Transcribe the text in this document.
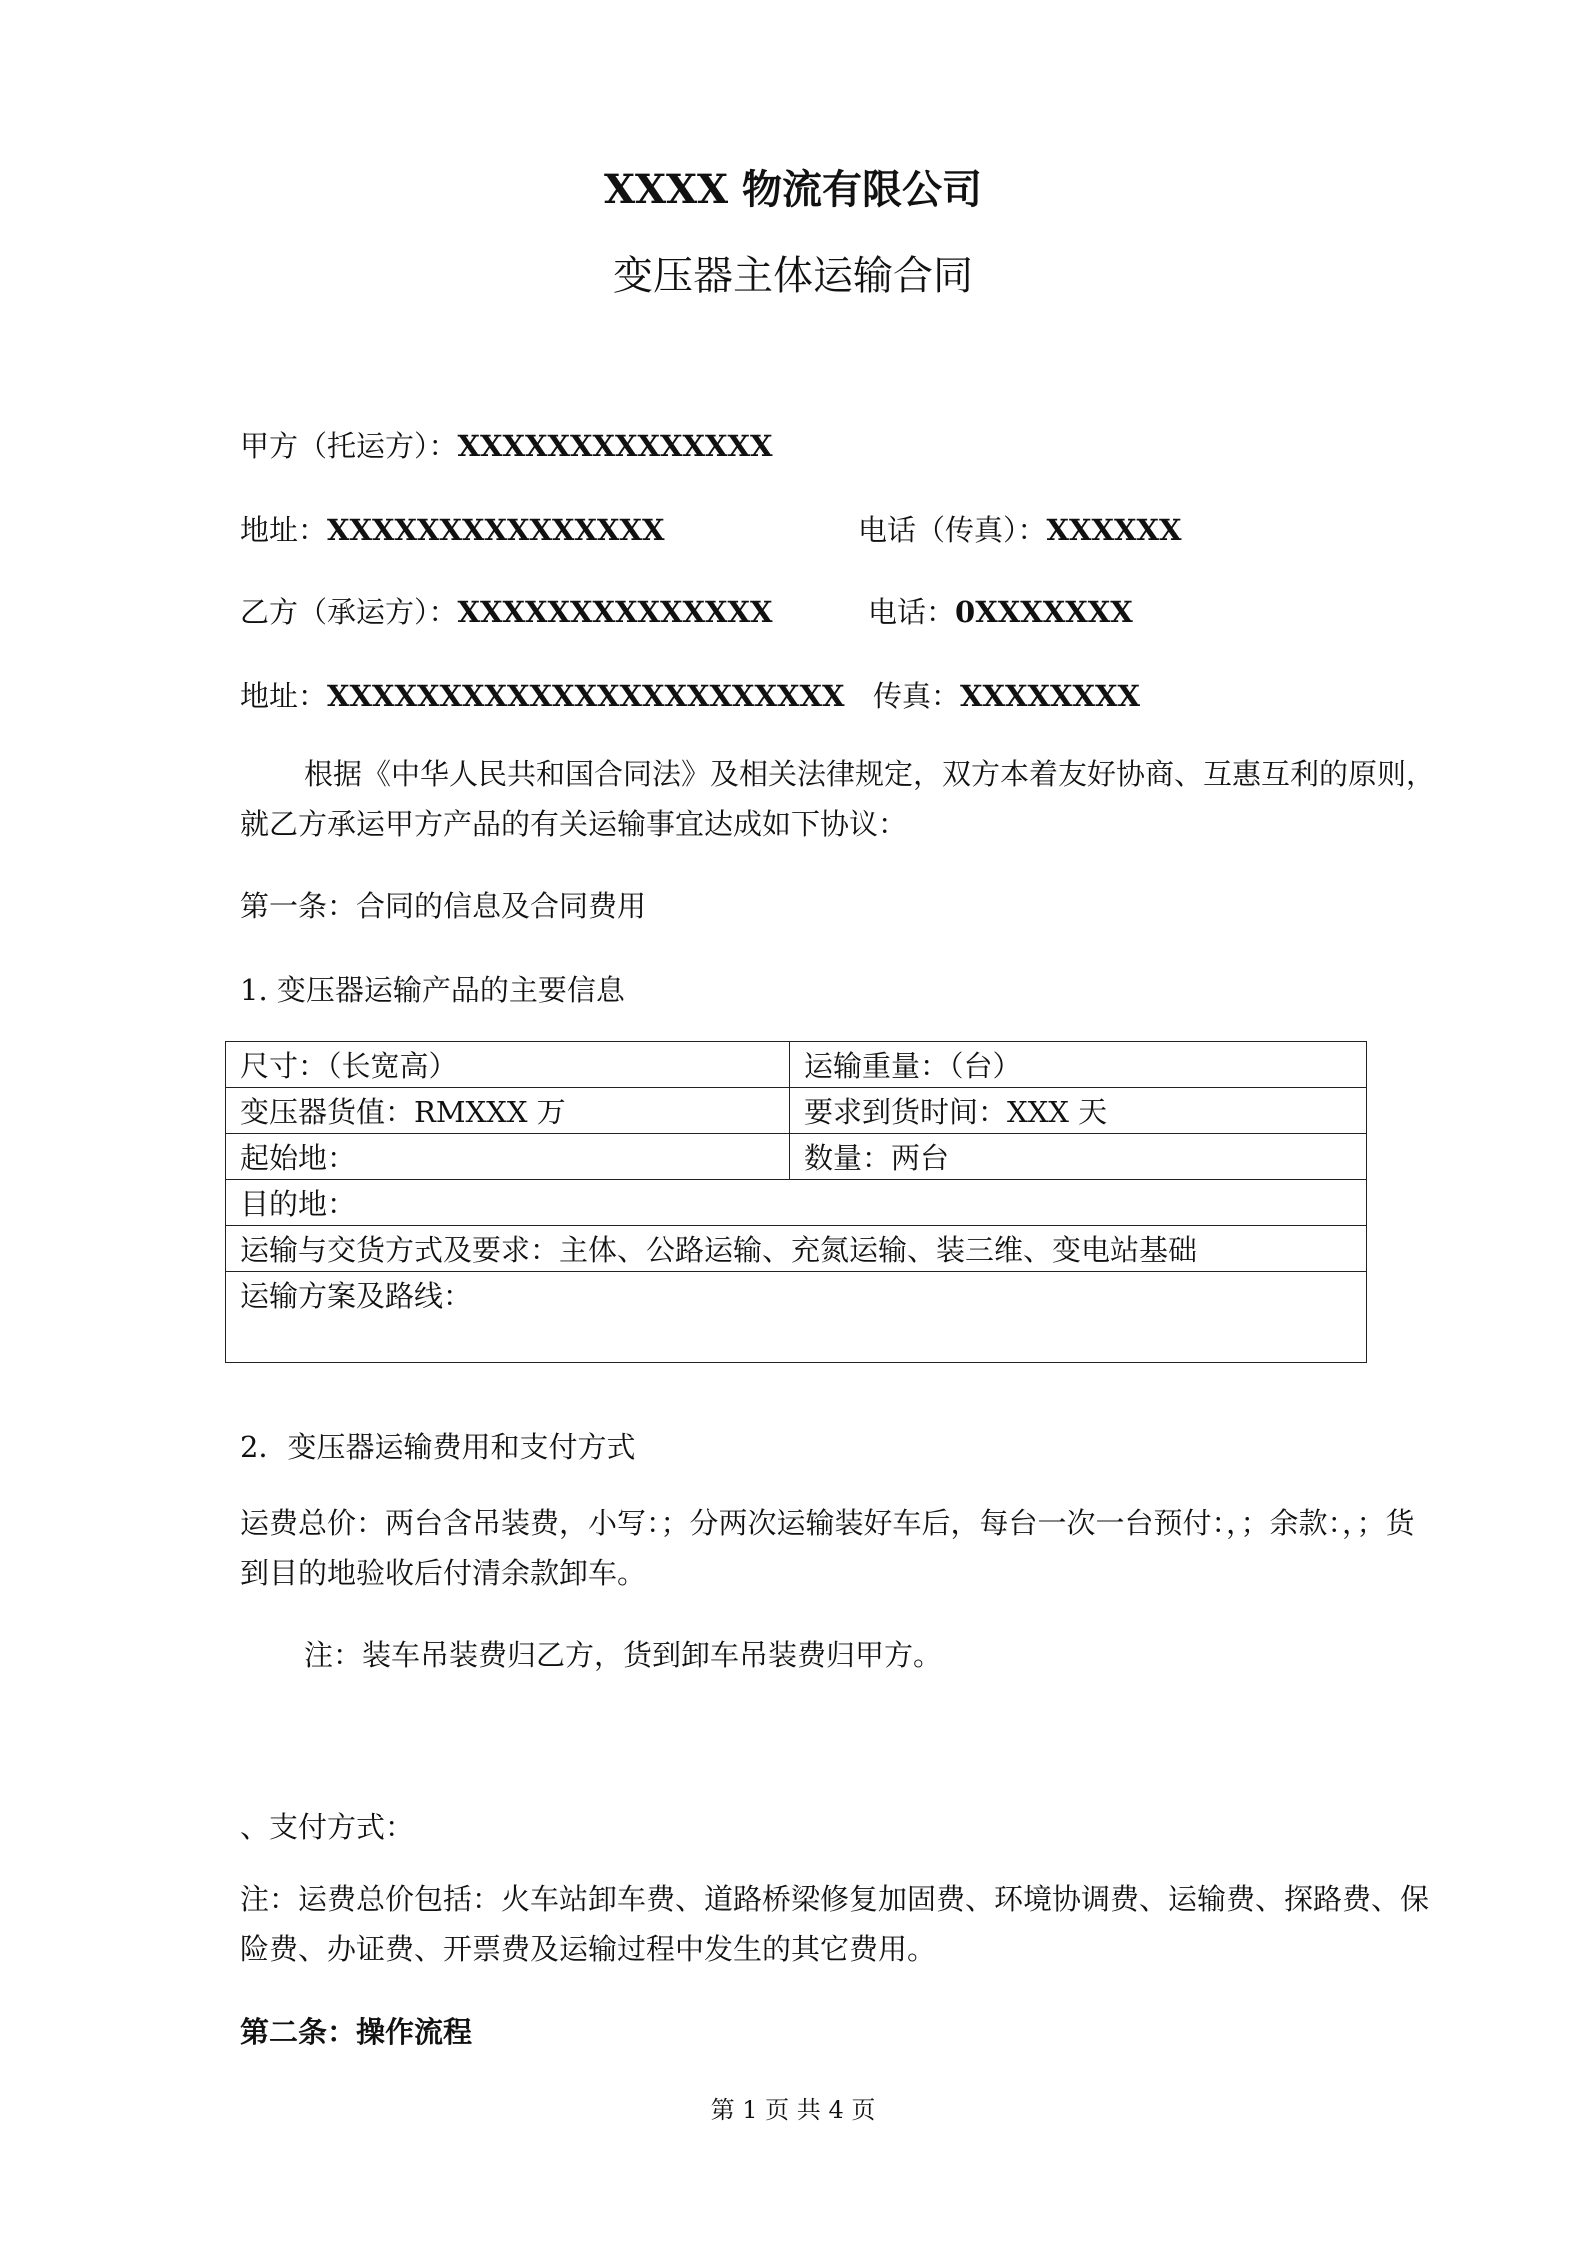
XXXX 物流有限公司
变压器主体运输合同
甲方（托运方）：XXXXXXXXXXXXXX
地址：XXXXXXXXXXXXXXX	电话（传真）：XXXXXX
乙方（承运方）：XXXXXXXXXXXXXX	电话：0XXXXXXX
地址：XXXXXXXXXXXXXXXXXXXXXXX 传真：XXXXXXXX
根据《中华人民共和国合同法》及相关法律规定，双方本着友好协商、互惠互利的原则，就乙方承运甲方产品的有关运输事宜达成如下协议：
第一条：合同的信息及合同费用
1. 变压器运输产品的主要信息
尺寸：（长宽高）	运输重量：（台）
变压器货值：RMXXX 万	要求到货时间：XXX 天
起始地：	数量：两台
目的地：	
运输与交货方式及要求：主体、公路运输、充氮运输、装三维、变电站基础	
运输方案及路线：	
2．变压器运输费用和支付方式
运费总价：两台含吊装费，小写：；分两次运输装好车后，每台一次一台预付：，；余款：，；货到目的地验收后付清余款卸车。
注：装车吊装费归乙方，货到卸车吊装费归甲方。
、支付方式：
注：运费总价包括：火车站卸车费、道路桥梁修复加固费、环境协调费、运输费、探路费、保险费、办证费、开票费及运输过程中发生的其它费用。
第二条：操作流程
第 1 页 共 4 页
